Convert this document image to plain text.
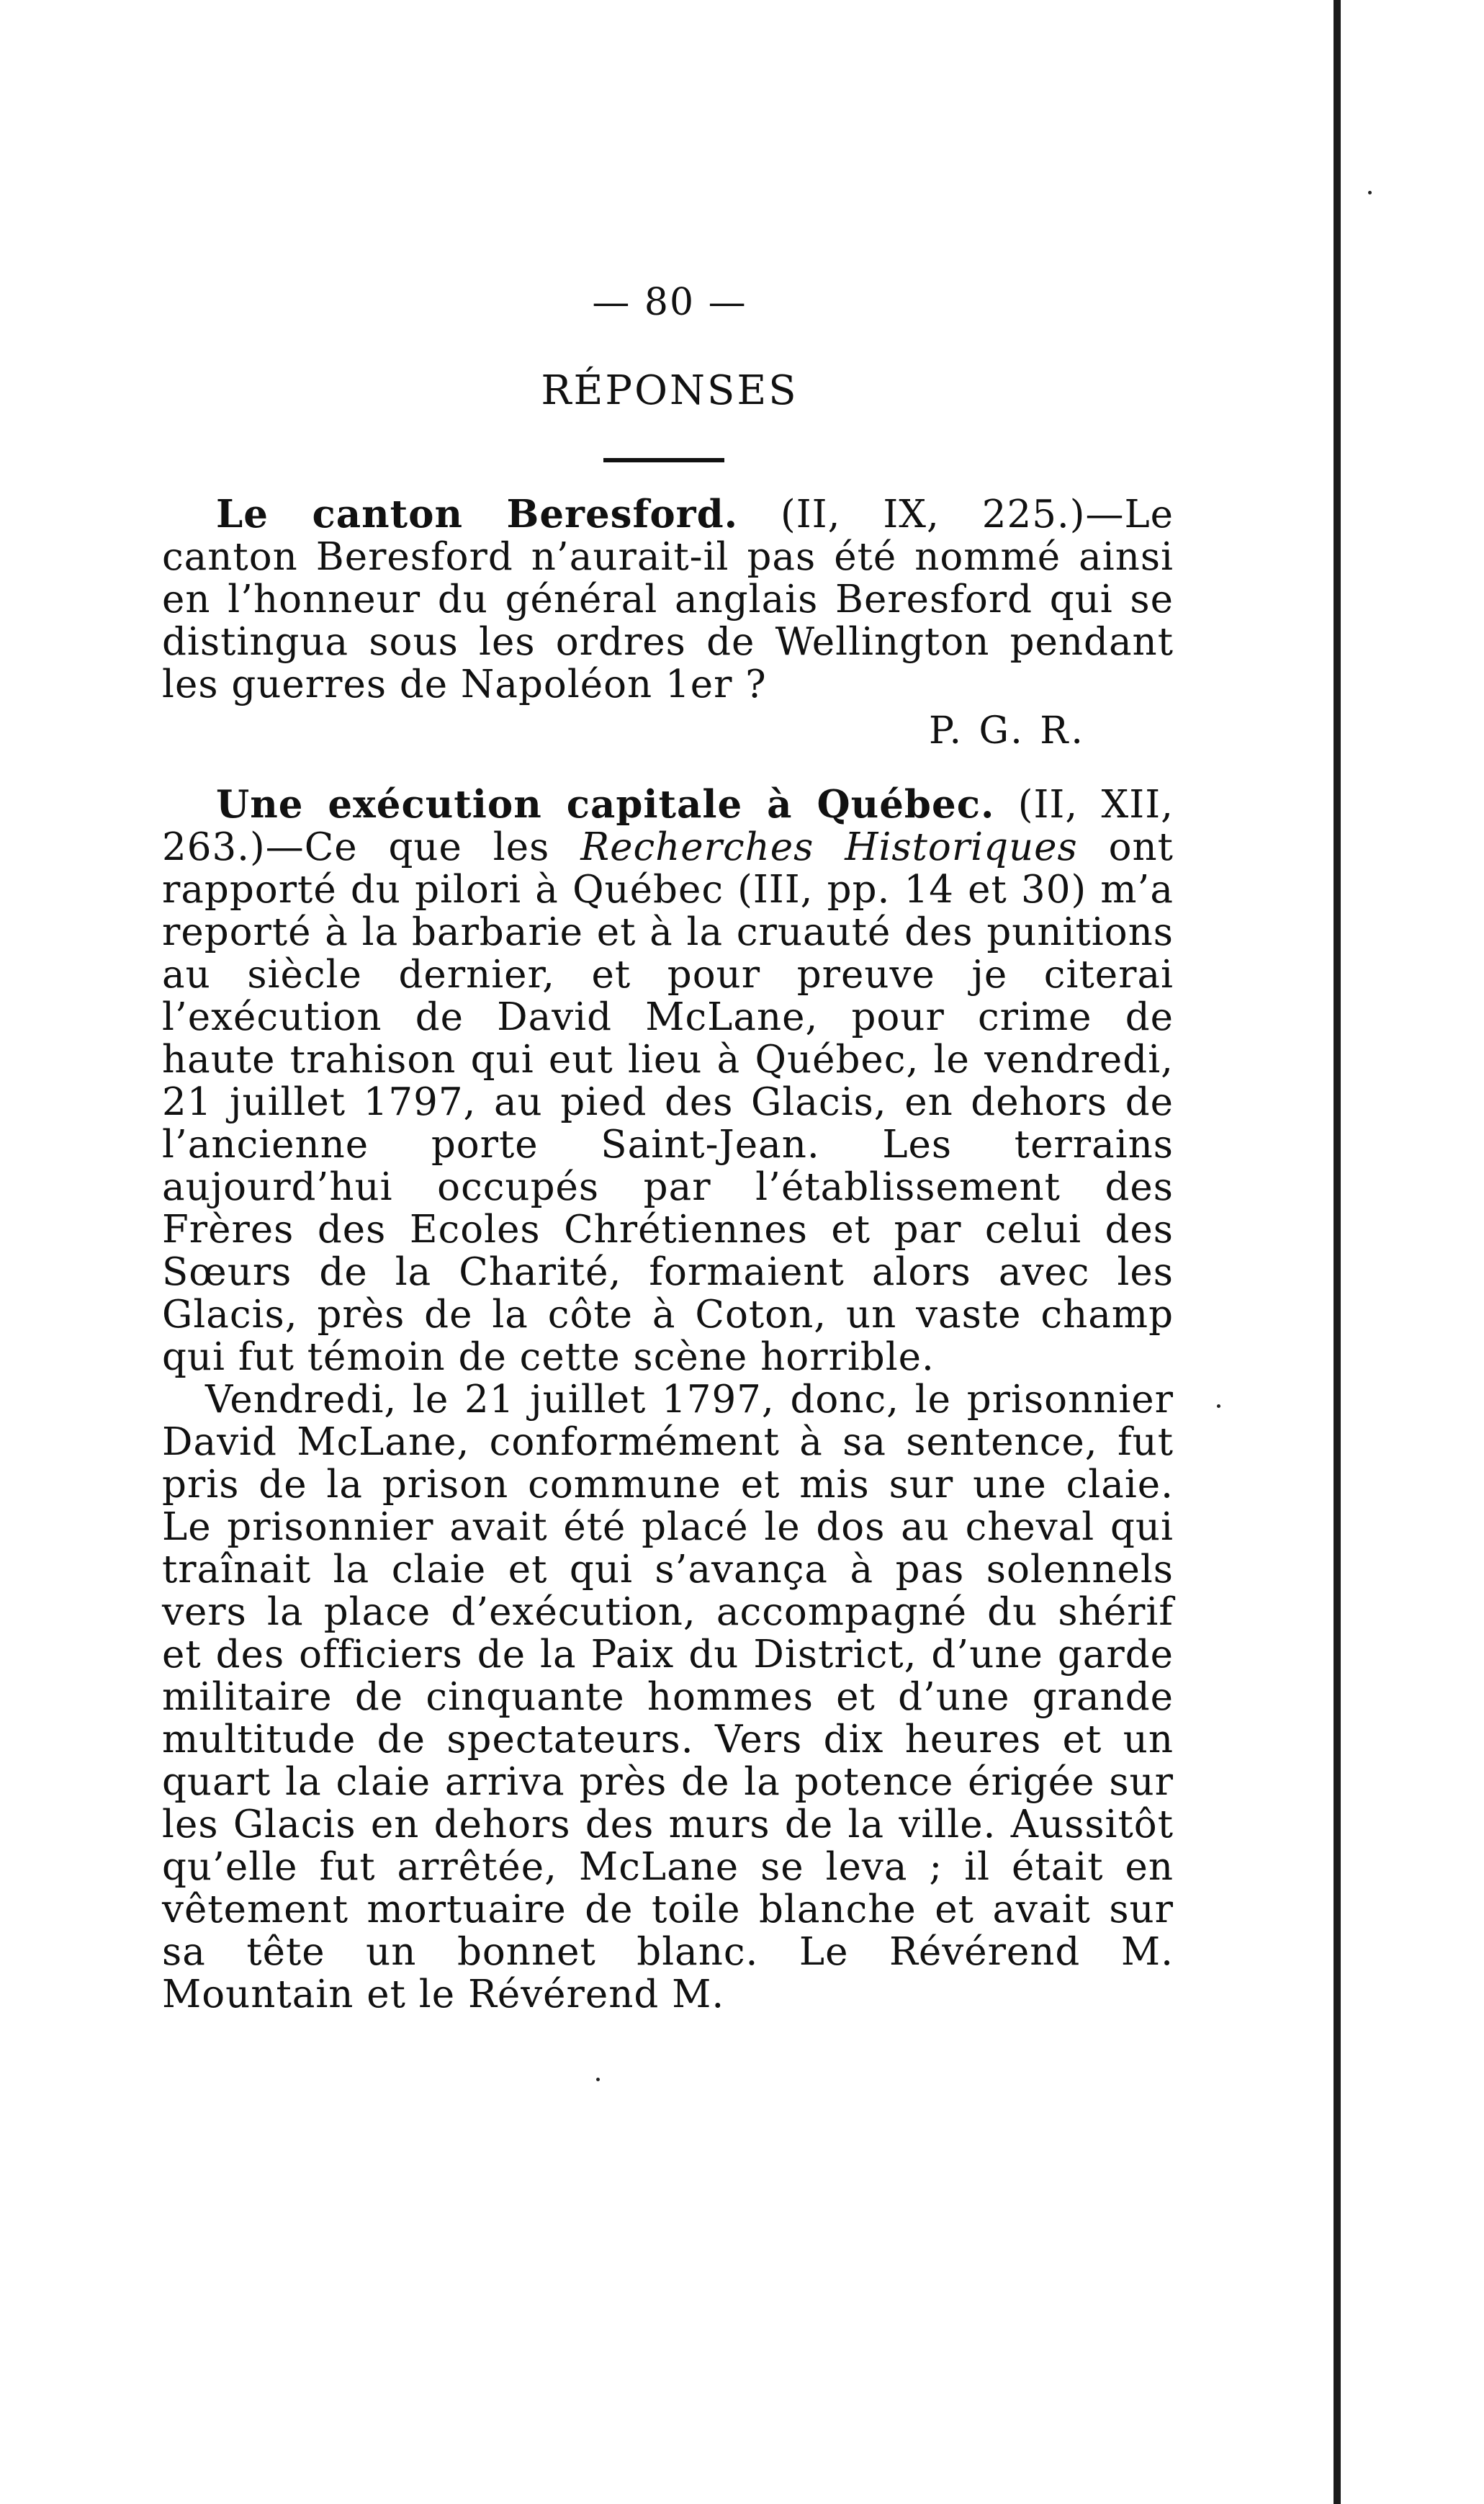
— 80 —
RÉPONSES

Le canton Beresford. (II, IX, 225.)—Le canton Beresford n’aurait-il pas été nommé ainsi en l’honneur du général anglais Beresford qui se distingua sous les ordres de Wellington pendant les guerres de Napoléon 1er ?

P. G. R.

Une exécution capitale à Québec. (II, XII, 263.)—Ce que les Recherches Historiques ont rapporté du pilori à Québec (III, pp. 14 et 30) m’a reporté à la barbarie et à la cruauté des punitions au siècle dernier, et pour preuve je citerai l’exécution de David McLane, pour crime de haute trahison qui eut lieu à Québec, le vendredi, 21 juillet 1797, au pied des Glacis, en dehors de l’ancienne porte Saint-Jean. Les terrains aujourd’hui occupés par l’établissement des Frères des Ecoles Chrétiennes et par celui des Sœurs de la Charité, formaient alors avec les Glacis, près de la côte à Coton, un vaste champ qui fut témoin de cette scène horrible.

Vendredi, le 21 juillet 1797, donc, le prisonnier David McLane, conformément à sa sentence, fut pris de la prison commune et mis sur une claie. Le prisonnier avait été placé le dos au cheval qui traînait la claie et qui s’avança à pas solennels vers la place d’exécution, accompagné du shérif et des officiers de la Paix du District, d’une garde militaire de cinquante hommes et d’une grande multitude de spectateurs. Vers dix heures et un quart la claie arriva près de la potence érigée sur les Glacis en dehors des murs de la ville. Aussitôt qu’elle fut arrêtée, McLane se leva ; il était en vêtement mortuaire de toile blanche et avait sur sa tête un bonnet blanc. Le Révérend M. Mountain et le Révérend M.
